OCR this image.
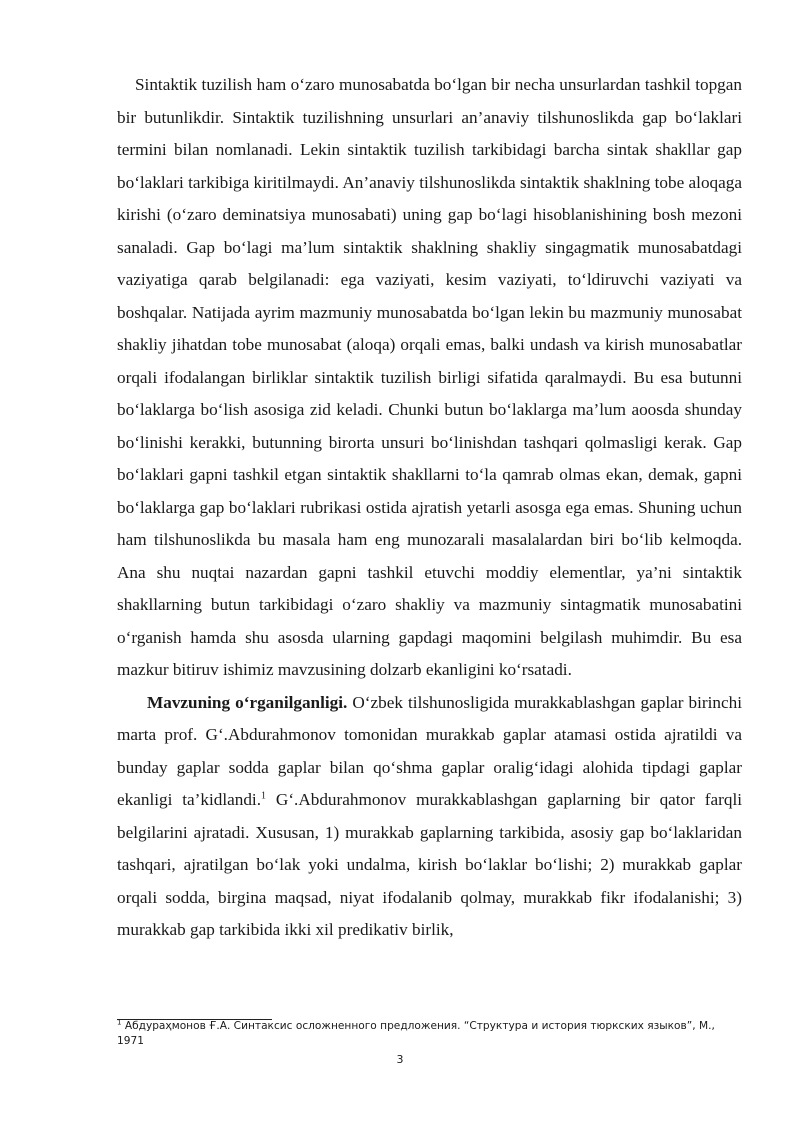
Sintaktik tuzilish ham o‘zaro munosabatda bo‘lgan bir necha unsurlardan tashkil topgan bir butunlikdir. Sintaktik tuzilishning unsurlari an’anaviy tilshunoslikda gap bo‘laklari termini bilan nomlanadi. Lekin sintaktik tuzilish tarkibidagi barcha sintak shakllar gap bo‘laklari tarkibiga kiritilmaydi. An’anaviy tilshunoslikda sintaktik shaklning tobe aloqaga kirishi (o‘zaro deminatsiya munosabati) uning gap bo‘lagi hisoblanishining bosh mezoni sanaladi. Gap bo‘lagi ma’lum sintaktik shaklning shakliy singagmatik munosabatdagi vaziyatiga qarab belgilanadi: ega vaziyati, kesim vaziyati, to‘ldiruvchi vaziyati va boshqalar. Natijada ayrim mazmuniy munosabatda bo‘lgan lekin bu mazmuniy munosabat shakliy jihatdan tobe munosabat (aloqa) orqali emas, balki undash va kirish munosabatlar orqali ifodalangan birliklar sintaktik tuzilish birligi sifatida qaralmaydi. Bu esa butunni bo‘laklarga bo‘lish asosiga zid keladi. Chunki butun bo‘laklarga ma’lum aoosda shunday bo‘linishi kerakki, butunning birorta unsuri bo‘linishdan tashqari qolmasligi kerak. Gap bo‘laklari gapni tashkil etgan sintaktik shakllarni to‘la qamrab olmas ekan, demak, gapni bo‘laklarga gap bo‘laklari rubrikasi ostida ajratish yetarli asosga ega emas. Shuning uchun ham tilshunoslikda bu masala ham eng munozarali masalalardan biri bo‘lib kelmoqda. Ana shu nuqtai nazardan gapni tashkil etuvchi moddiy elementlar, ya’ni sintaktik shakllarning butun tarkibidagi o‘zaro shakliy va mazmuniy sintagmatik munosabatini o‘rganish hamda shu asosda ularning gapdagi maqomini belgilash muhimdir. Bu esa mazkur bitiruv ishimiz mavzusining dolzarb ekanligini ko‘rsatadi.

Mavzuning o‘rganilganligi. O‘zbek tilshunosligida murakkablashgan gaplar birinchi marta prof. G‘.Abdurahmonov tomonidan murakkab gaplar atamasi ostida ajratildi va bunday gaplar sodda gaplar bilan qo‘shma gaplar oralig‘idagi alohida tipdagi gaplar ekanligi ta’kidlandi.$^1$ G‘.Abdurahmonov murakkablashgan gaplarning bir qator farqli belgilarini ajratadi. Xususan, 1) murakkab gaplarning tarkibida, asosiy gap bo‘laklaridan tashqari, ajratilgan bo‘lak yoki undalma, kirish bo‘laklar bo‘lishi; 2) murakkab gaplar orqali sodda, birgina maqsad, niyat ifodalanib qolmay, murakkab fikr ifodalanishi; 3) murakkab gap tarkibida ikki xil predikativ birlik,

$^1$ Абдураҳмонов Ғ.А. Синтаксис осложненного предложения. “Структура и история тюркских языков”, М., 1971
3
